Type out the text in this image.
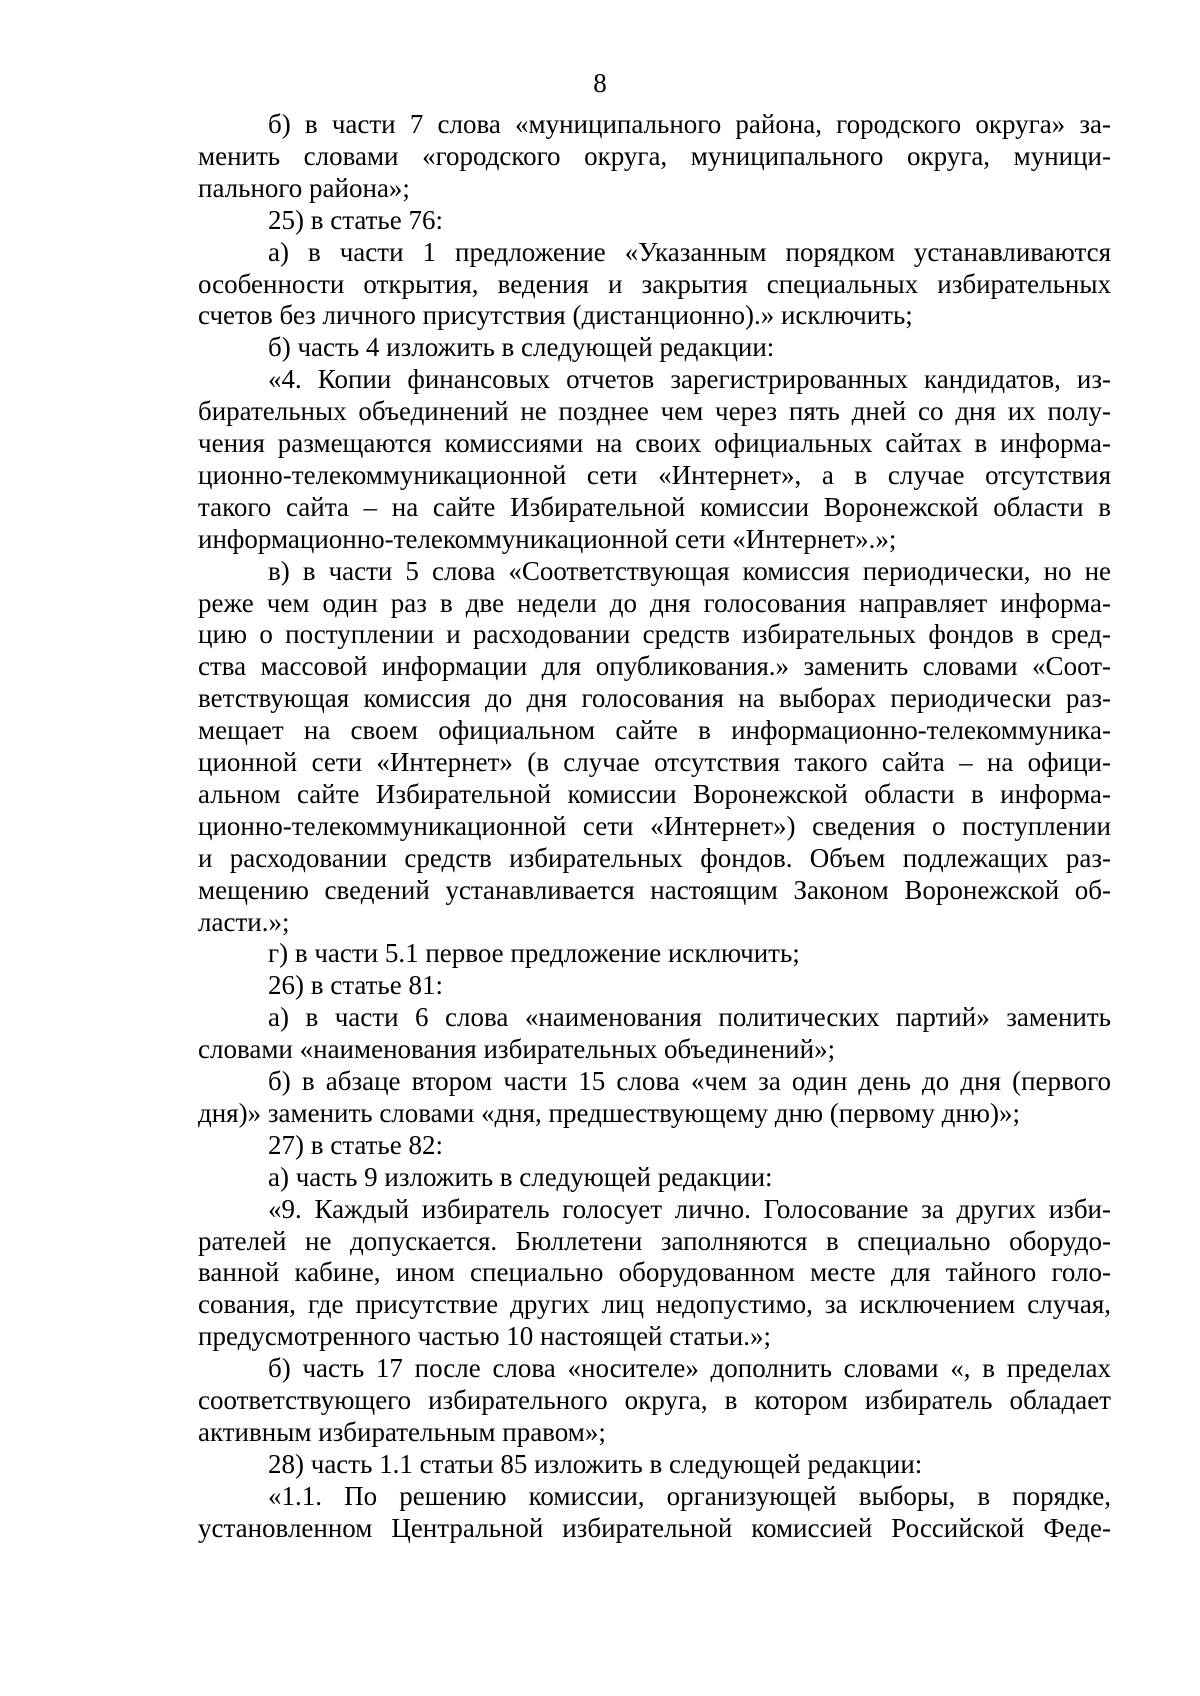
8
б) в части 7 слова «муниципального района, городского округа» за-
менить словами «городского округа, муниципального округа, муници-
пального района»;
25) в статье 76:
а) в части 1 предложение «Указанным порядком устанавливаются
особенности открытия, ведения и закрытия специальных избирательных
счетов без личного присутствия (дистанционно).» исключить;
б) часть 4 изложить в следующей редакции:
«4. Копии финансовых отчетов зарегистрированных кандидатов, из-
бирательных объединений не позднее чем через пять дней со дня их полу-
чения размещаются комиссиями на своих официальных сайтах в информа-
ционно-телекоммуникационной сети «Интернет», а в случае отсутствия
такого сайта – на сайте Избирательной комиссии Воронежской области в
информационно-телекоммуникационной сети «Интернет».»;
в) в части 5 слова «Соответствующая комиссия периодически, но не
реже чем один раз в две недели до дня голосования направляет информа-
цию о поступлении и расходовании средств избирательных фондов в сред-
ства массовой информации для опубликования.» заменить словами «Соот-
ветствующая комиссия до дня голосования на выборах периодически раз-
мещает на своем официальном сайте в информационно-телекоммуника-
ционной сети «Интернет» (в случае отсутствия такого сайта – на офици-
альном сайте Избирательной комиссии Воронежской области в информа-
ционно-телекоммуникационной сети «Интернет») сведения о поступлении
и расходовании средств избирательных фондов. Объем подлежащих раз-
мещению сведений устанавливается настоящим Законом Воронежской об-
ласти.»;
г) в части 5.1 первое предложение исключить;
26) в статье 81:
а) в части 6 слова «наименования политических партий» заменить
словами «наименования избирательных объединений»;
б) в абзаце втором части 15 слова «чем за один день до дня (первого
дня)» заменить словами «дня, предшествующему дню (первому дню)»;
27) в статье 82:
а) часть 9 изложить в следующей редакции:
«9. Каждый избиратель голосует лично. Голосование за других изби-
рателей не допускается. Бюллетени заполняются в специально оборудо-
ванной кабине, ином специально оборудованном месте для тайного голо-
сования, где присутствие других лиц недопустимо, за исключением случая,
предусмотренного частью 10 настоящей статьи.»;
б) часть 17 после слова «носителе» дополнить словами «, в пределах
соответствующего избирательного округа, в котором избиратель обладает
активным избирательным правом»;
28) часть 1.1 статьи 85 изложить в следующей редакции:
«1.1. По решению комиссии, организующей выборы, в порядке,
установленном Центральной избирательной комиссией Российской Феде-
